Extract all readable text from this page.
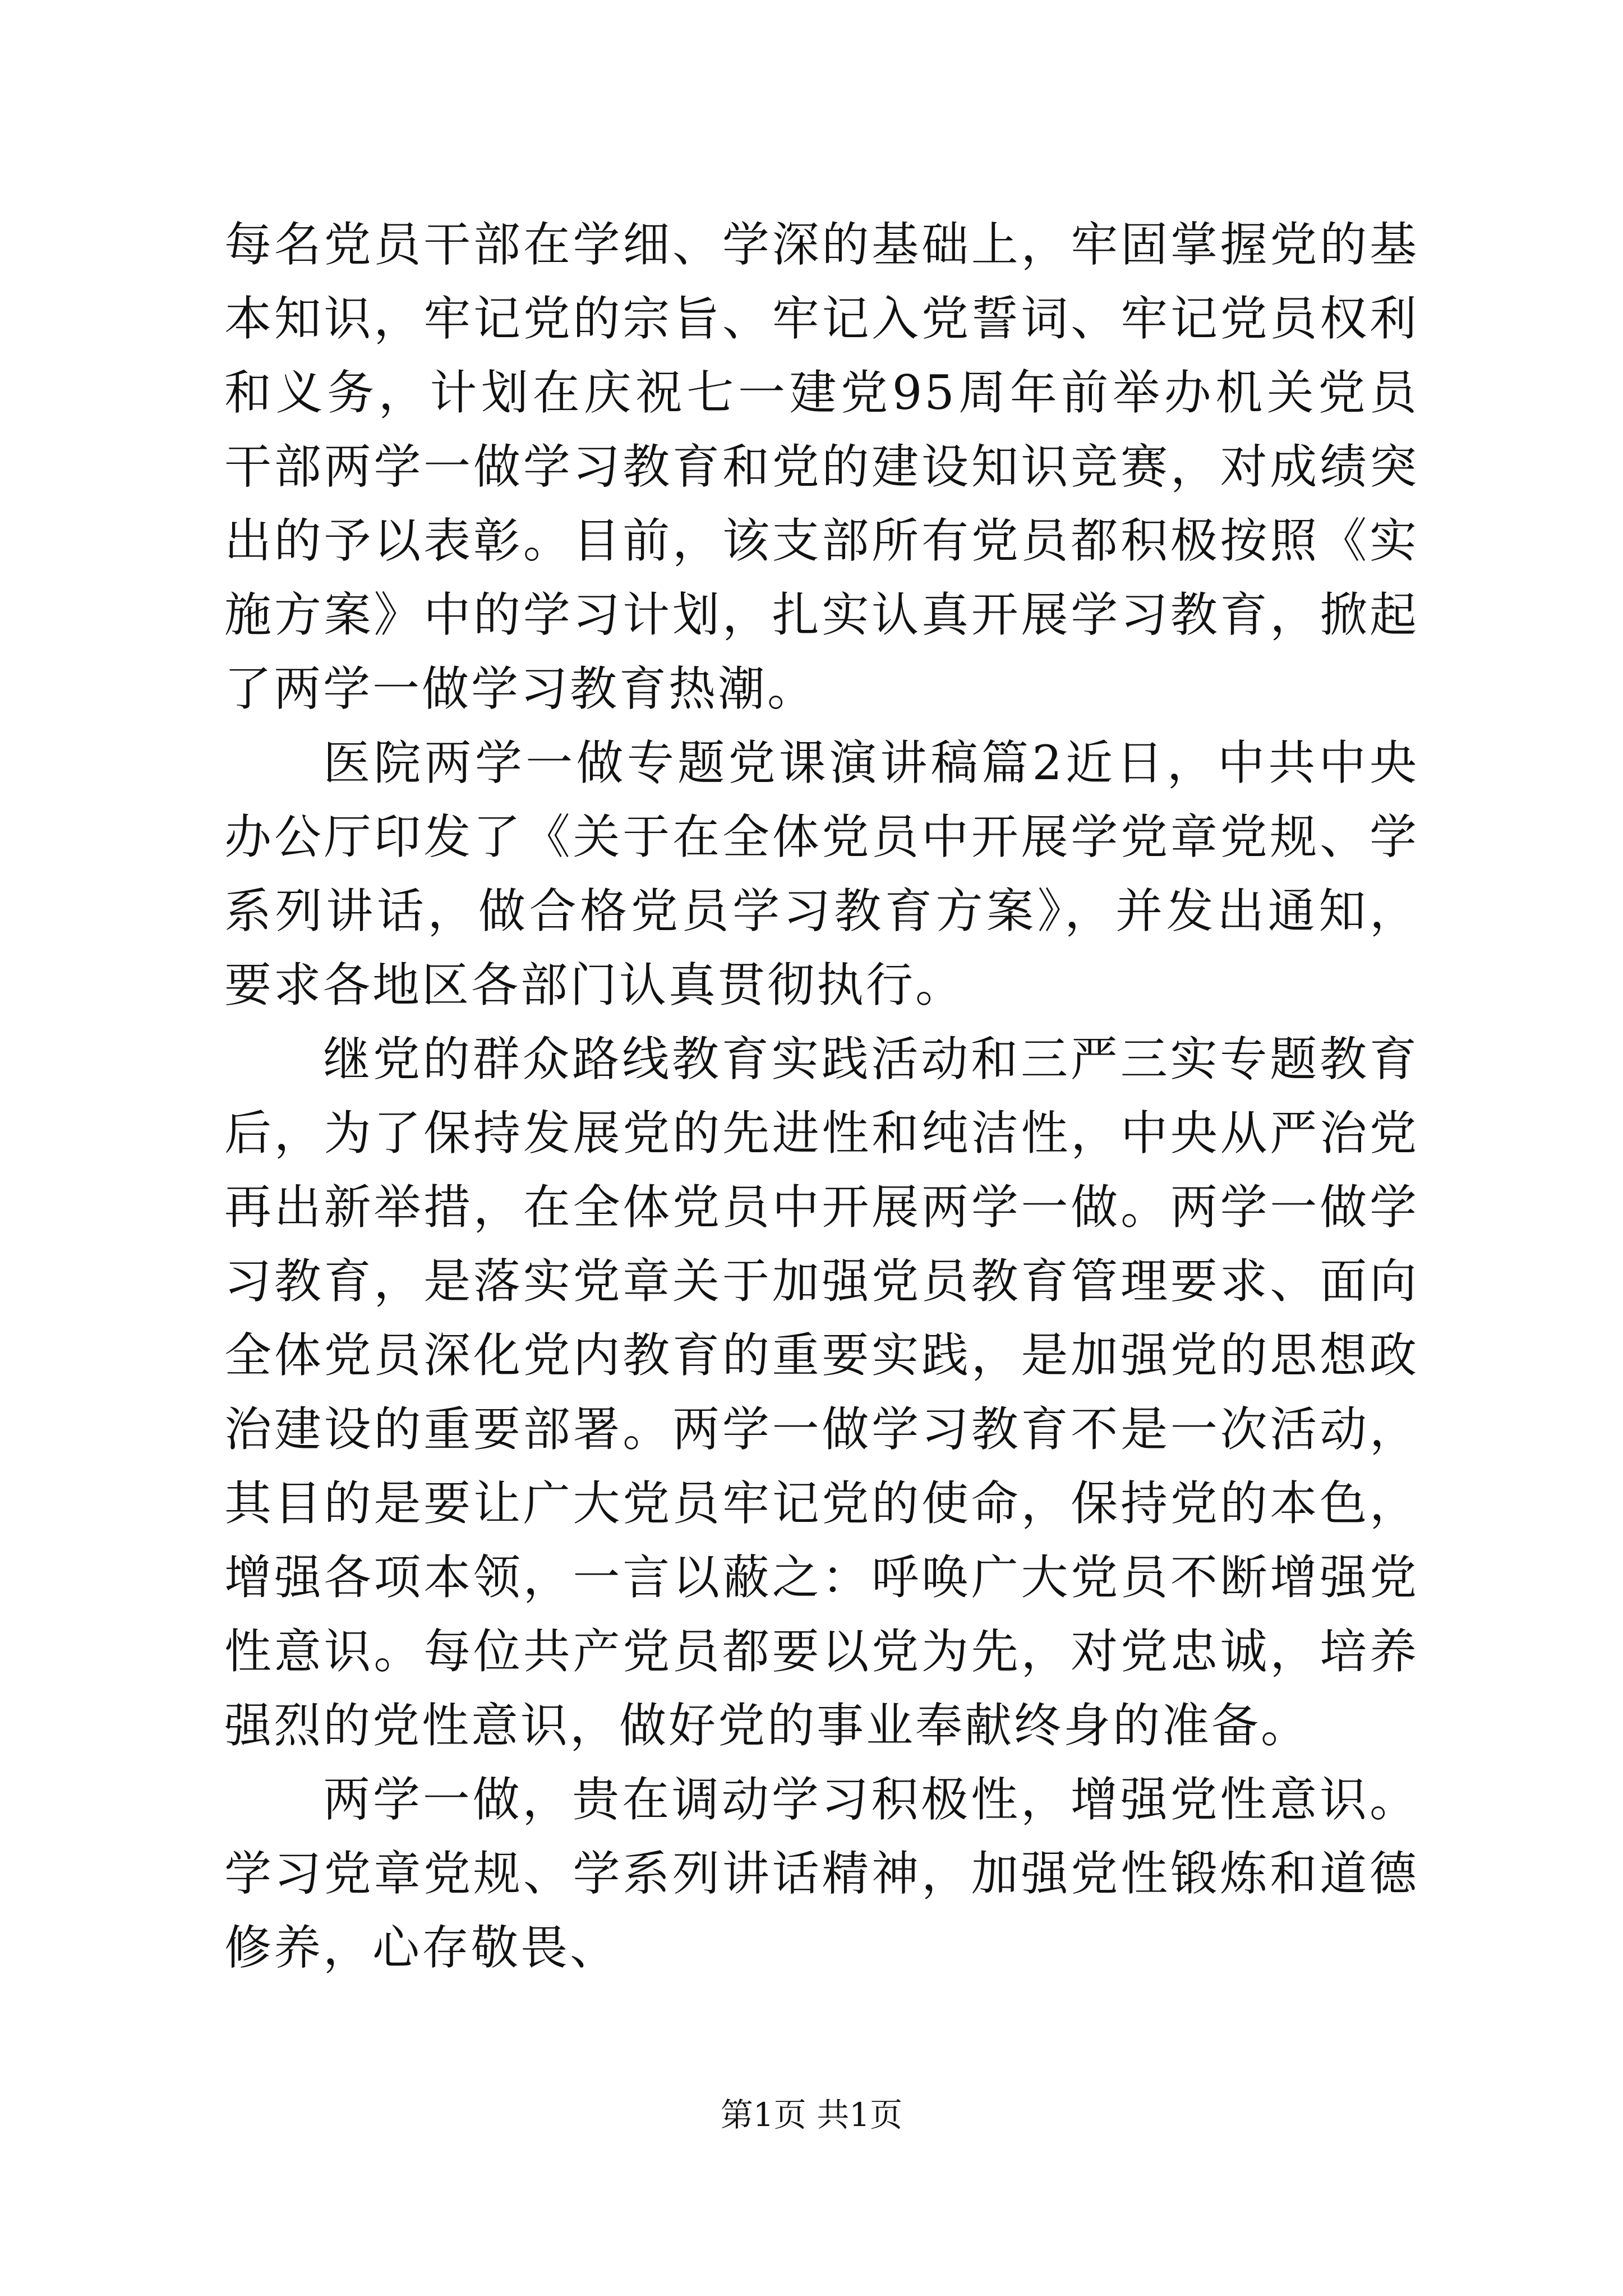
每名党员干部在学细、学深的基础上，牢固掌握党的基本知识，牢记党的宗旨、牢记入党誓词、牢记党员权利和义务，计划在庆祝七一建党95周年前举办机关党员干部两学一做学习教育和党的建设知识竞赛，对成绩突出的予以表彰。目前，该支部所有党员都积极按照《实施方案》中的学习计划，扎实认真开展学习教育，掀起了两学一做学习教育热潮。

医院两学一做专题党课演讲稿篇2近日，中共中央办公厅印发了《关于在全体党员中开展学党章党规、学系列讲话，做合格党员学习教育方案》，并发出通知，要求各地区各部门认真贯彻执行。

继党的群众路线教育实践活动和三严三实专题教育后，为了保持发展党的先进性和纯洁性，中央从严治党再出新举措，在全体党员中开展两学一做。两学一做学习教育，是落实党章关于加强党员教育管理要求、面向全体党员深化党内教育的重要实践，是加强党的思想政治建设的重要部署。两学一做学习教育不是一次活动，其目的是要让广大党员牢记党的使命，保持党的本色，增强各项本领，一言以蔽之：呼唤广大党员不断增强党性意识。每位共产党员都要以党为先，对党忠诚，培养强烈的党性意识，做好党的事业奉献终身的准备。

两学一做，贵在调动学习积极性，增强党性意识。学习党章党规、学系列讲话精神，加强党性锻炼和道德修养，心存敬畏、

第1页 共1页
